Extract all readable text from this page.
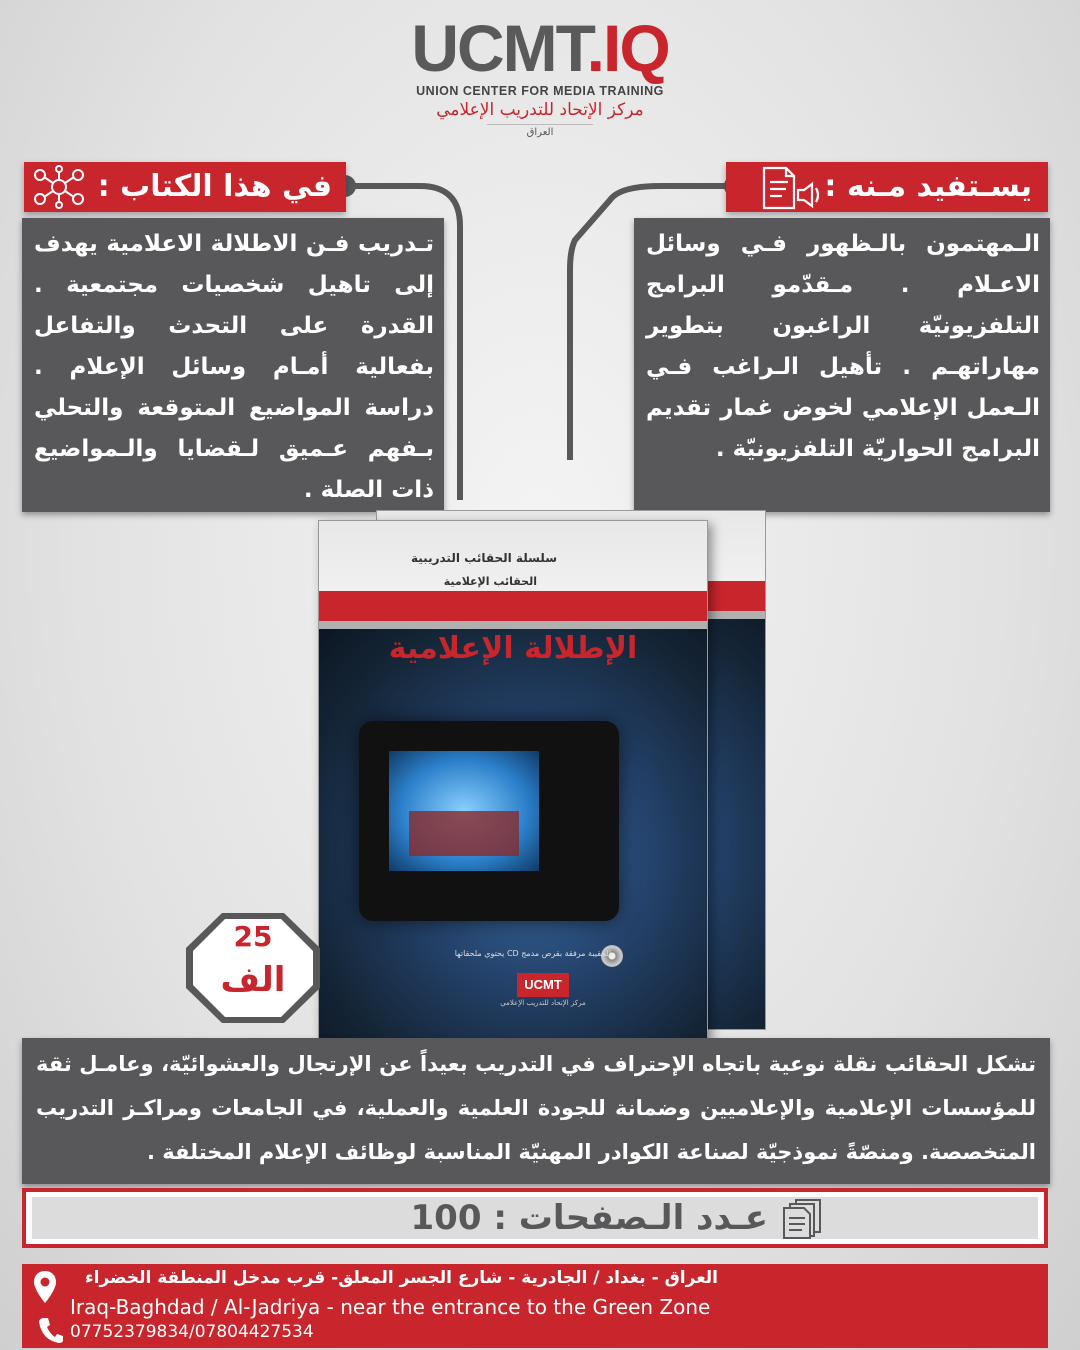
UCMT.IQ
UNION CENTER FOR MEDIA TRAINING
مركز الإتحاد للتدريب الإعلامي
العراق
في هذا الكتاب :	يسـتفيد مـنه :

تـدريب فـن الاطلالة الاعلامية يهدف إلى تاهيل شخصيات مجتمعية . القدرة على التحدث والتفاعل بفعالية أمـام وسائل الإعلام . دراسة المواضيع المتوقعة والتحلي بـفهم عـميق لـقضايا والـمواضيع ذات الصلة .

الـمهتمون بالـظهور فـي وسائل الاعـلام . مـقدّمو البرامج التلفزيونيّة الراغبون بتطوير مهاراتهـم . تأهيل الـراغب فـي الـعمل الإعلامي لخوض غمار تقديم البرامج الحواريّة التلفزيونيّة .

سلسلة الحقائب التدريبية
الحقائب الإعلامية
الإطلالة الإعلامية
الحقيبة مرفقة بقرص مدمج CD يحتوي ملحقاتها
UCMT
مركز الإتحاد للتدريب الإعلامي
25
الف

تشكل الحقائب نقلة نوعية باتجاه الإحتراف في التدريب بعيداً عن الإرتجال والعشوائيّة، وعامـل ثقة للمؤسسات الإعلامية والإعلاميين وضمانة للجودة العلمية والعملية، في الجامعات ومراكـز التدريب المتخصصة. ومنصّةً نموذجيّة لصناعة الكوادر المهنيّة المناسبة لوظائف الإعلام المختلفة .

عـدد الـصفحات : 100
العراق - بغداد / الجادرية - شارع الجسر المعلق- قرب مدخل المنطقة الخضراء
Iraq-Baghdad / Al-Jadriya - near the entrance to the Green Zone
07752379834/07804427534
